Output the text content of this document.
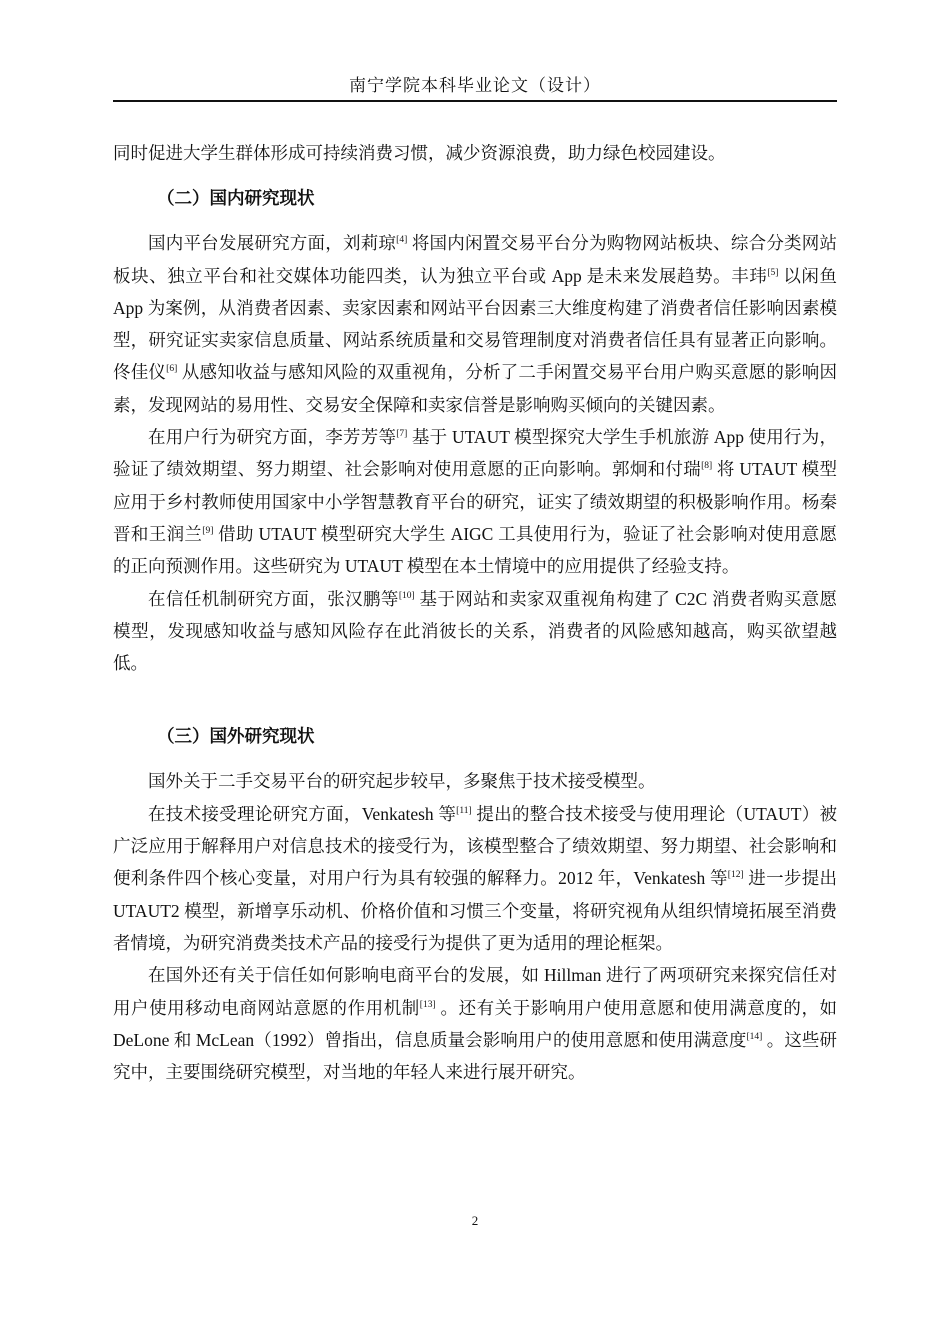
南宁学院本科毕业论文（设计）

同时促进大学生群体形成可持续消费习惯，减少资源浪费，助力绿色校园建设。

（二）国内研究现状

国内平台发展研究方面，刘莉琼[4] 将国内闲置交易平台分为购物网站板块、综合分类网站板块、独立平台和社交媒体功能四类，认为独立平台或 App 是未来发展趋势。丰玮[5] 以闲鱼 App 为案例，从消费者因素、卖家因素和网站平台因素三大维度构建了消费者信任影响因素模型，研究证实卖家信息质量、网站系统质量和交易管理制度对消费者信任具有显著正向影响。佟佳仪[6] 从感知收益与感知风险的双重视角，分析了二手闲置交易平台用户购买意愿的影响因素，发现网站的易用性、交易安全保障和卖家信誉是影响购买倾向的关键因素。

在用户行为研究方面，李芳芳等[7] 基于 UTAUT 模型探究大学生手机旅游 App 使用行为，验证了绩效期望、努力期望、社会影响对使用意愿的正向影响。郭炯和付瑞[8] 将 UTAUT 模型应用于乡村教师使用国家中小学智慧教育平台的研究，证实了绩效期望的积极影响作用。杨秦晋和王润兰[9] 借助 UTAUT 模型研究大学生 AIGC 工具使用行为，验证了社会影响对使用意愿的正向预测作用。这些研究为 UTAUT 模型在本土情境中的应用提供了经验支持。

在信任机制研究方面，张汉鹏等[10] 基于网站和卖家双重视角构建了 C2C 消费者购买意愿模型，发现感知收益与感知风险存在此消彼长的关系，消费者的风险感知越高，购买欲望越低。

（三）国外研究现状

国外关于二手交易平台的研究起步较早，多聚焦于技术接受模型。

在技术接受理论研究方面，Venkatesh 等[11] 提出的整合技术接受与使用理论（UTAUT）被广泛应用于解释用户对信息技术的接受行为，该模型整合了绩效期望、努力期望、社会影响和便利条件四个核心变量，对用户行为具有较强的解释力。2012 年，Venkatesh 等[12] 进一步提出 UTAUT2 模型，新增享乐动机、价格价值和习惯三个变量，将研究视角从组织情境拓展至消费者情境，为研究消费类技术产品的接受行为提供了更为适用的理论框架。

在国外还有关于信任如何影响电商平台的发展，如 Hillman 进行了两项研究来探究信任对用户使用移动电商网站意愿的作用机制[13] 。还有关于影响用户使用意愿和使用满意度的，如 DeLone 和 McLean（1992）曾指出，信息质量会影响用户的使用意愿和使用满意度[14] 。这些研究中，主要围绕研究模型，对当地的年轻人来进行展开研究。

2
